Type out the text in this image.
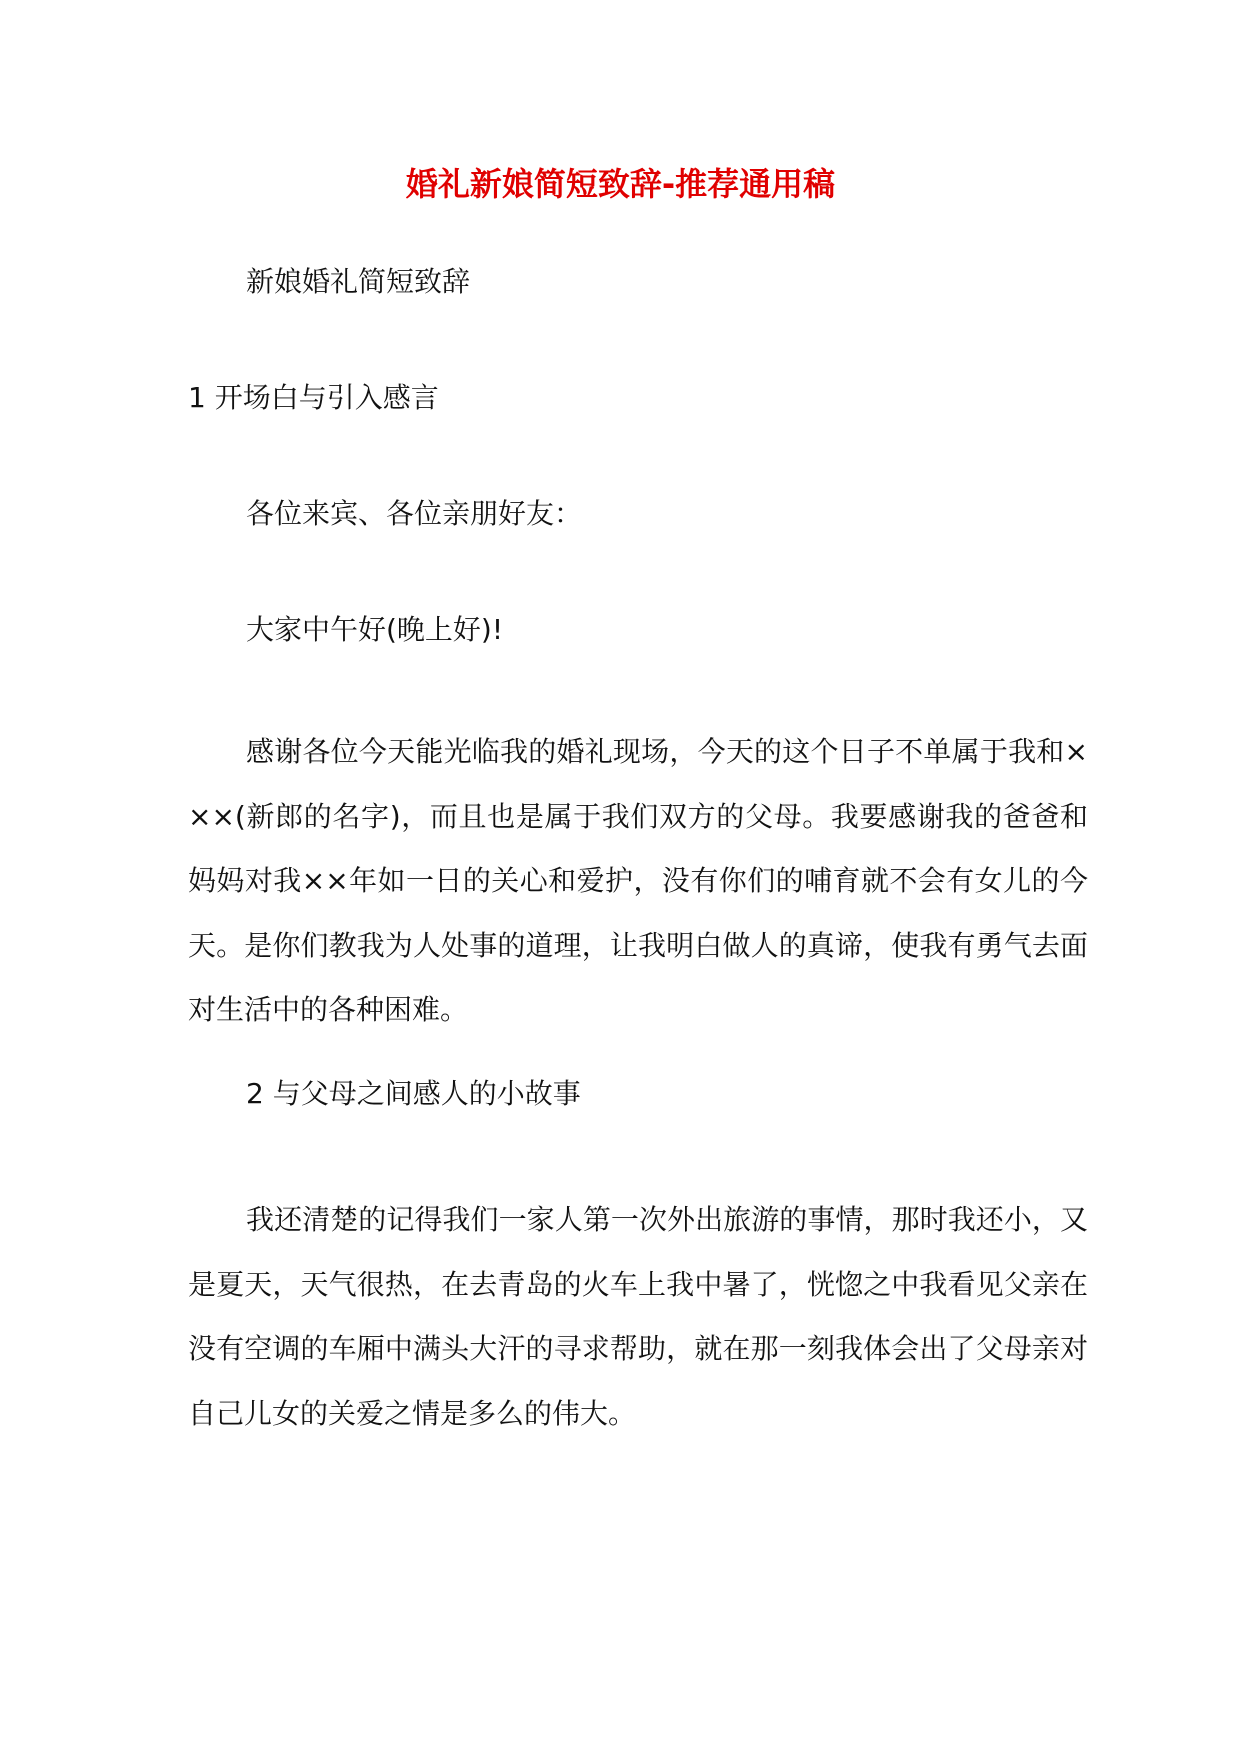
婚礼新娘简短致辞-推荐通用稿
新娘婚礼简短致辞
1 开场白与引入感言
各位来宾、各位亲朋好友：
大家中午好(晚上好)!
感谢各位今天能光临我的婚礼现场，今天的这个日子不单属于我和×××(新郎的名字)，而且也是属于我们双方的父母。我要感谢我的爸爸和妈妈对我××年如一日的关心和爱护，没有你们的哺育就不会有女儿的今天。是你们教我为人处事的道理，让我明白做人的真谛，使我有勇气去面对生活中的各种困难。
2 与父母之间感人的小故事
我还清楚的记得我们一家人第一次外出旅游的事情，那时我还小，又是夏天，天气很热，在去青岛的火车上我中暑了，恍惚之中我看见父亲在没有空调的车厢中满头大汗的寻求帮助，就在那一刻我体会出了父母亲对自己儿女的关爱之情是多么的伟大。
